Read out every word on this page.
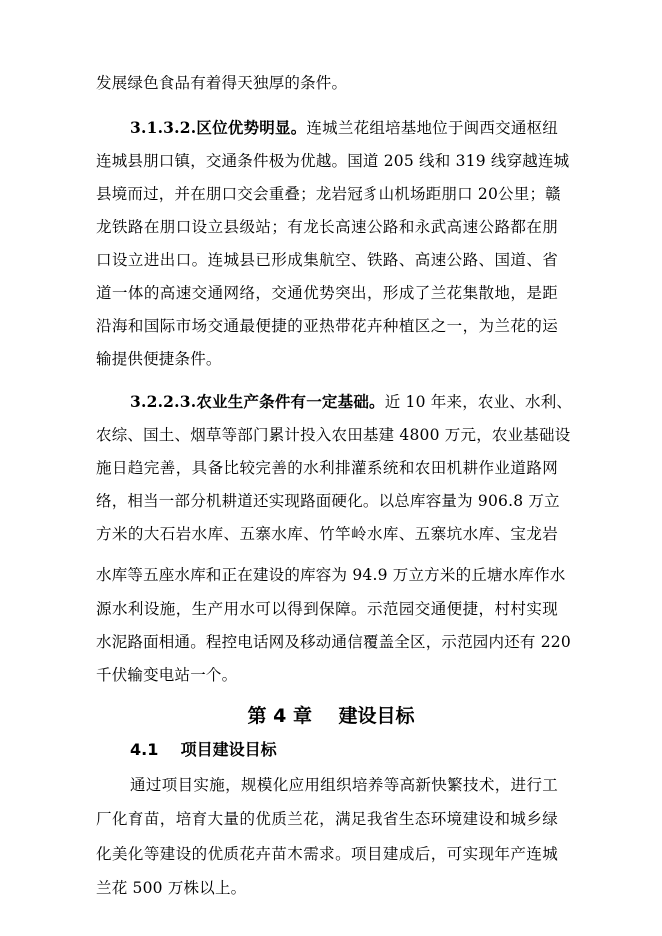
发展绿色食品有着得天独厚的条件。
3.1.3.2.区位优势明显。连城兰花组培基地位于闽西交通枢纽
连城县朋口镇，交通条件极为优越。国道 205 线和 319 线穿越连城
县境而过，并在朋口交会重叠；龙岩冠豸山机场距朋口 20公里；赣
龙铁路在朋口设立县级站；有龙长高速公路和永武高速公路都在朋
口设立进出口。连城县已形成集航空、铁路、高速公路、国道、省
道一体的高速交通网络，交通优势突出，形成了兰花集散地，是距
沿海和国际市场交通最便捷的亚热带花卉种植区之一，为兰花的运
输提供便捷条件。
3.2.2.3.农业生产条件有一定基础。近 10 年来，农业、水利、
农综、国土、烟草等部门累计投入农田基建 4800 万元，农业基础设
施日趋完善，具备比较完善的水利排灌系统和农田机耕作业道路网
络，相当一部分机耕道还实现路面硬化。以总库容量为 906.8 万立
方米的大石岩水库、五寨水库、竹竿岭水库、五寨坑水库、宝龙岩
水库等五座水库和正在建设的库容为 94.9 万立方米的丘塘水库作水
源水利设施，生产用水可以得到保障。示范园交通便捷，村村实现
水泥路面相通。程控电话网及移动通信覆盖全区，示范园内还有 220
千伏输变电站一个。
第 4 章    建设目标
4.1    项目建设目标
通过项目实施，规模化应用组织培养等高新快繁技术，进行工
厂化育苗，培育大量的优质兰花，满足我省生态环境建设和城乡绿
化美化等建设的优质花卉苗木需求。项目建成后，可实现年产连城
兰花 500 万株以上。
